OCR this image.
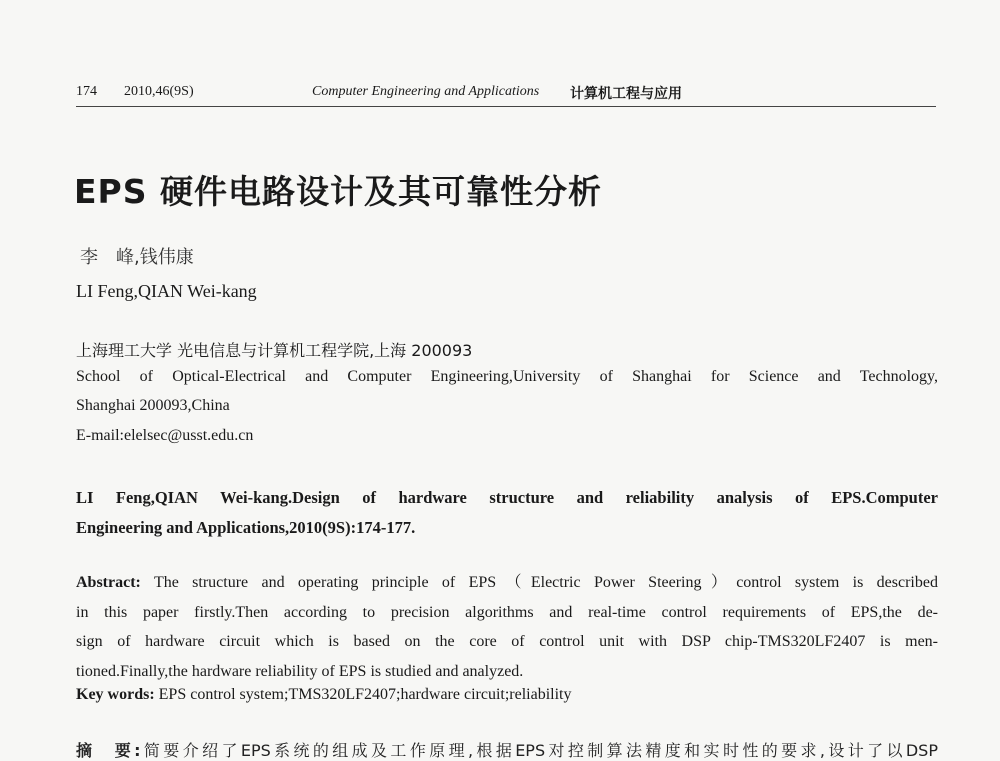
174 2010,46(9S)	Computer Engineering and Applications 计算机工程与应用
EPS 硬件电路设计及其可靠性分析
李　峰,钱伟康
LI Feng,QIAN Wei-kang
上海理工大学 光电信息与计算机工程学院,上海 200093
School of Optical-Electrical and Computer Engineering,University of Shanghai for Science and Technology,
Shanghai 200093,China
E-mail:elelsec@usst.edu.cn
LI Feng,QIAN Wei-kang.Design of hardware structure and reliability analysis of EPS.Computer
Engineering and Applications,2010(9S):174-177.
Abstract: The structure and operating principle of EPS（Electric Power Steering）control system is described
in this paper firstly.Then according to precision algorithms and real-time control requirements of EPS,the de-
sign of hardware circuit which is based on the core of control unit with DSP chip-TMS320LF2407 is men-
tioned.Finally,the hardware reliability of EPS is studied and analyzed.
Key words: EPS control system;TMS320LF2407;hardware circuit;reliability
摘　要:简要介绍了EPS系统的组成及工作原理,根据EPS对控制算法精度和实时性的要求,设计了以DSP
